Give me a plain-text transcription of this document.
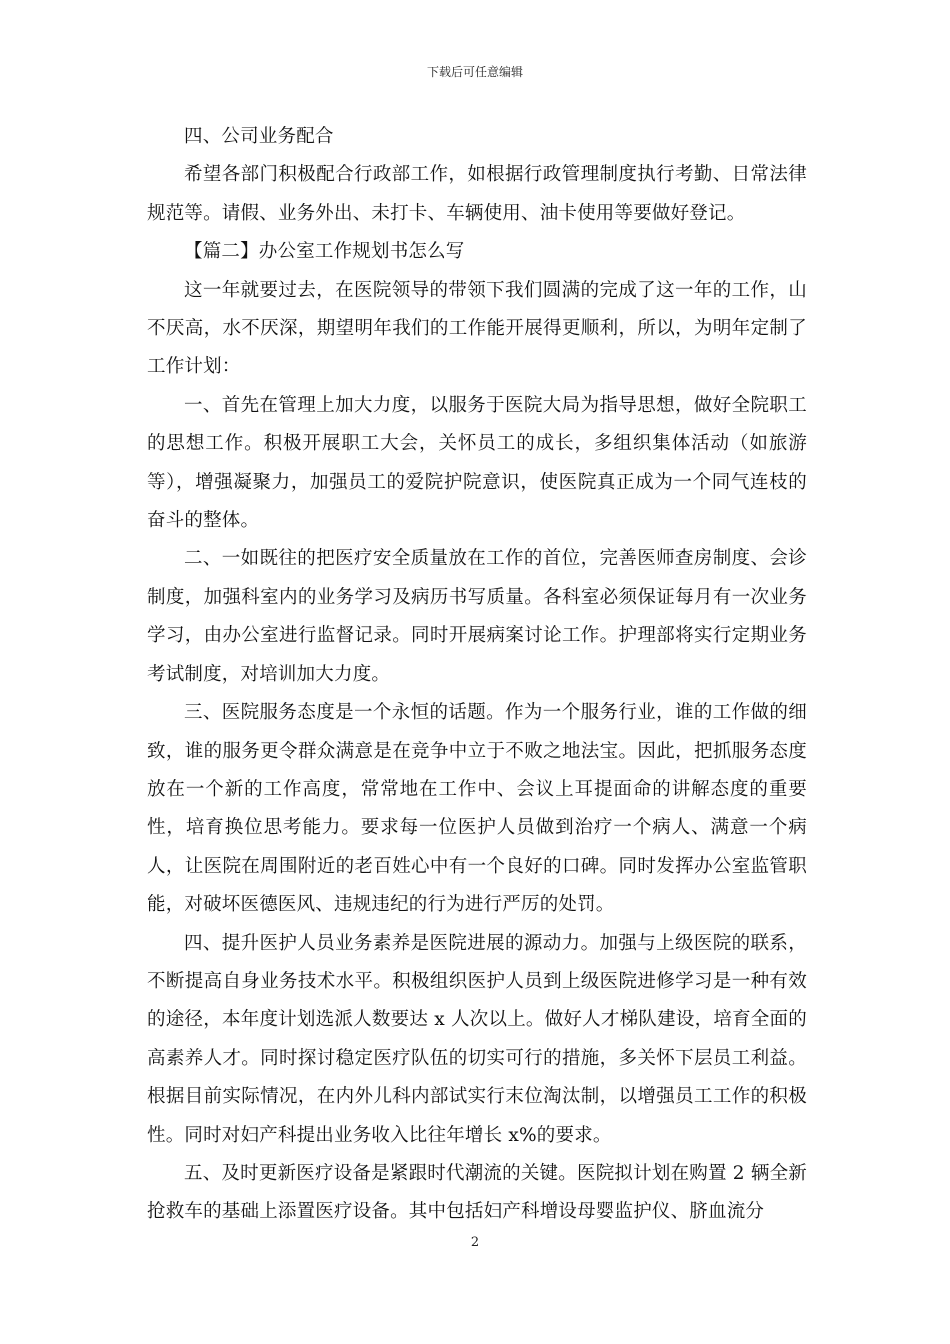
下载后可任意编辑

四、公司业务配合

希望各部门积极配合行政部工作，如根据行政管理制度执行考勤、日常法律规范等。请假、业务外出、未打卡、车辆使用、油卡使用等要做好登记。

【篇二】办公室工作规划书怎么写

这一年就要过去，在医院领导的带领下我们圆满的完成了这一年的工作，山不厌高，水不厌深，期望明年我们的工作能开展得更顺利，所以，为明年定制了工作计划：

一、首先在管理上加大力度，以服务于医院大局为指导思想，做好全院职工的思想工作。积极开展职工大会，关怀员工的成长，多组织集体活动（如旅游等），增强凝聚力，加强员工的爱院护院意识，使医院真正成为一个同气连枝的奋斗的整体。

二、一如既往的把医疗安全质量放在工作的首位，完善医师查房制度、会诊制度，加强科室内的业务学习及病历书写质量。各科室必须保证每月有一次业务学习，由办公室进行监督记录。同时开展病案讨论工作。护理部将实行定期业务考试制度，对培训加大力度。

三、医院服务态度是一个永恒的话题。作为一个服务行业，谁的工作做的细致，谁的服务更令群众满意是在竞争中立于不败之地法宝。因此，把抓服务态度放在一个新的工作高度，常常地在工作中、会议上耳提面命的讲解态度的重要性，培育换位思考能力。要求每一位医护人员做到治疗一个病人、满意一个病人，让医院在周围附近的老百姓心中有一个良好的口碑。同时发挥办公室监管职能，对破坏医德医风、违规违纪的行为进行严厉的处罚。

四、提升医护人员业务素养是医院进展的源动力。加强与上级医院的联系，不断提高自身业务技术水平。积极组织医护人员到上级医院进修学习是一种有效的途径，本年度计划选派人数要达 x 人次以上。做好人才梯队建设，培育全面的高素养人才。同时探讨稳定医疗队伍的切实可行的措施，多关怀下层员工利益。根据目前实际情况，在内外儿科内部试实行末位淘汰制，以增强员工工作的积极性。同时对妇产科提出业务收入比往年增长 x%的要求。

五、及时更新医疗设备是紧跟时代潮流的关键。医院拟计划在购置 2 辆全新抢救车的基础上添置医疗设备。其中包括妇产科增设母婴监护仪、脐血流分

2
